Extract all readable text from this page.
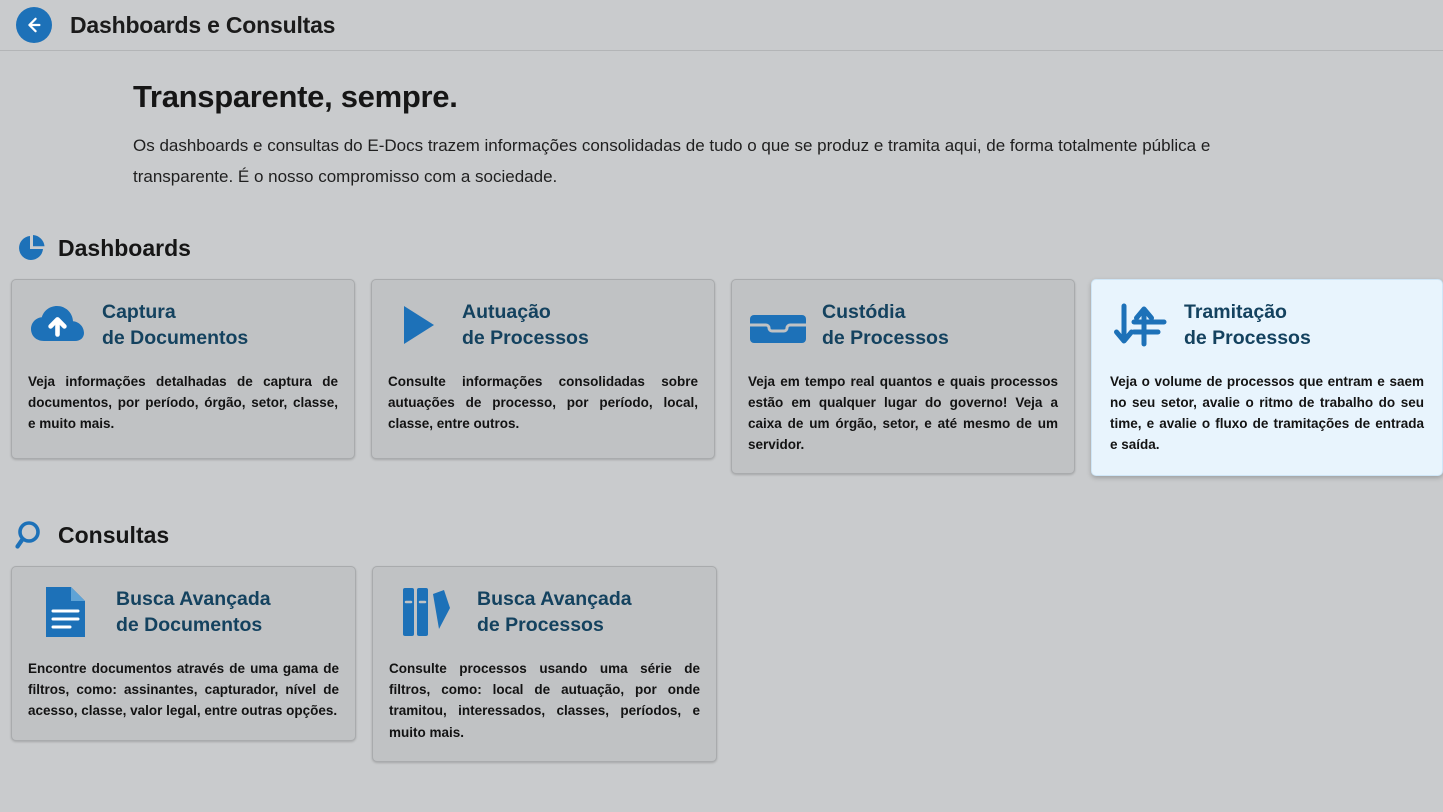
Dashboards e Consultas
Transparente, sempre.

Os dashboards e consultas do E-Docs trazem informações consolidadas de tudo o que se produz e tramita aqui, de forma totalmente pública e transparente. É o nosso compromisso com a sociedade.

Dashboards
Captura
de Documentos
Veja informações detalhadas de captura de documentos, por período, órgão, setor, classe, e muito mais.
Autuação
de Processos
Consulte informações consolidadas sobre autuações de processo, por período, local, classe, entre outros.
Custódia
de Processos
Veja em tempo real quantos e quais processos estão em qualquer lugar do governo! Veja a caixa de um órgão, setor, e até mesmo de um servidor.
Tramitação
de Processos
Veja o volume de processos que entram e saem no seu setor, avalie o ritmo de trabalho do seu time, e avalie o fluxo de tramitações de entrada e saída.
Consultas
Busca Avançada
de Documentos
Encontre documentos através de uma gama de filtros, como: assinantes, capturador, nível de acesso, classe, valor legal, entre outras opções.
Busca Avançada
de Processos
Consulte processos usando uma série de filtros, como: local de autuação, por onde tramitou, interessados, classes, períodos, e muito mais.
